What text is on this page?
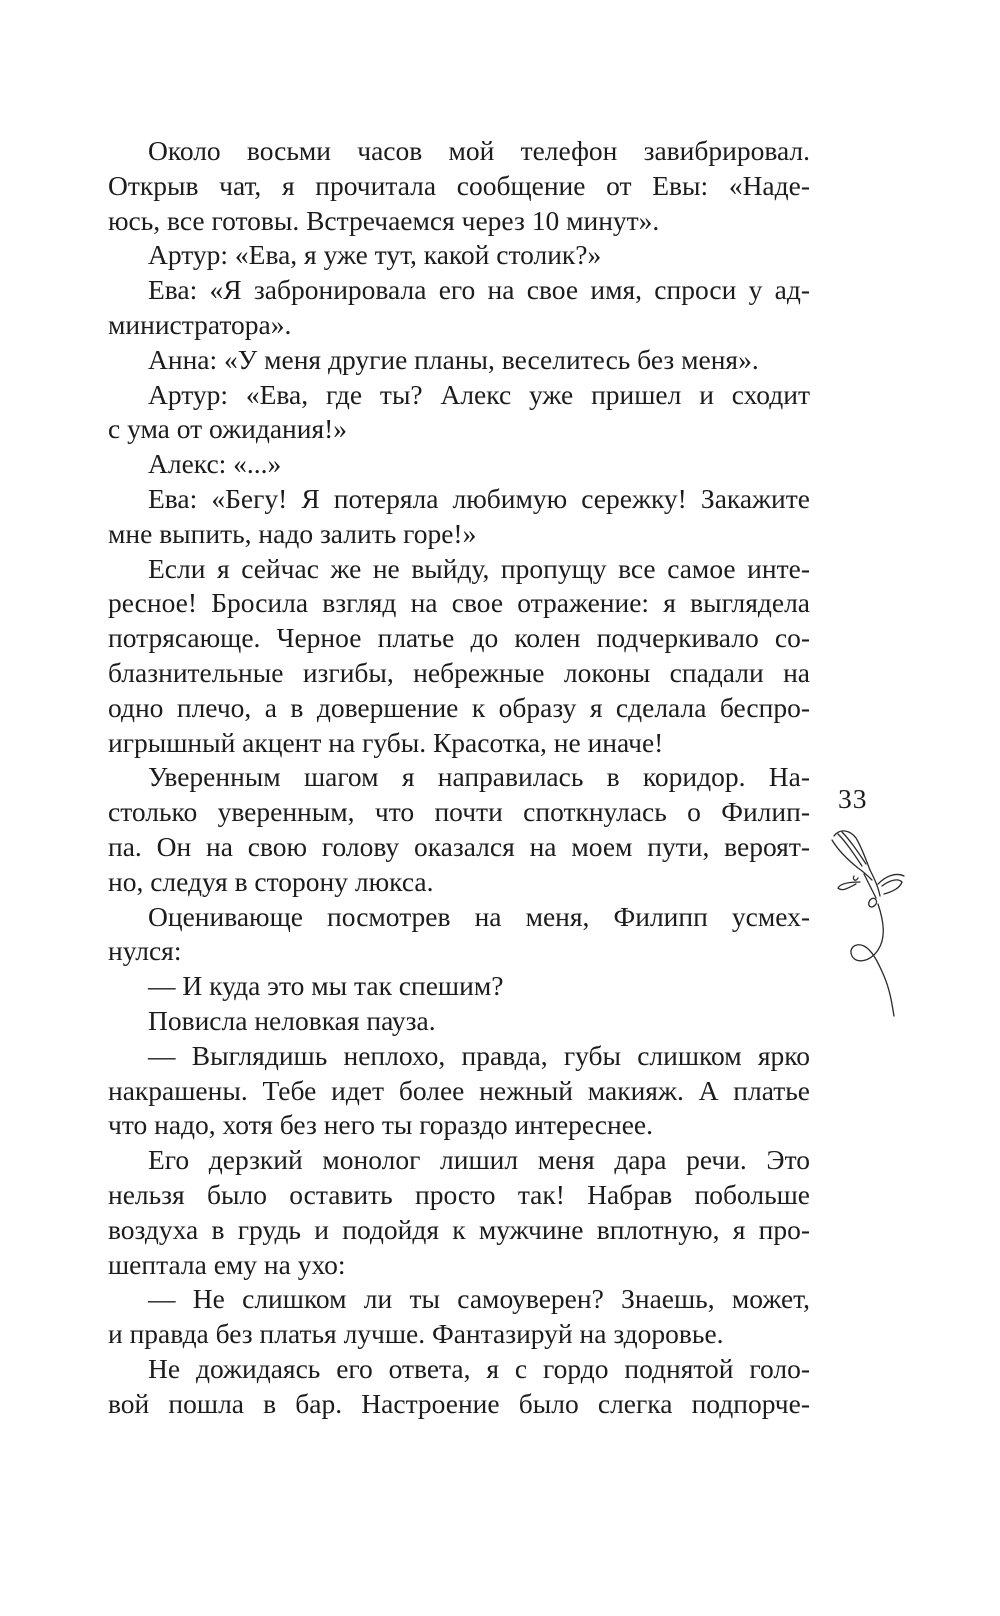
Около восьми часов мой телефон завибрировал.
Открыв чат, я прочитала сообщение от Евы: «Наде-
юсь, все готовы. Встречаемся через 10 минут».
Артур: «Ева, я уже тут, какой столик?»
Ева: «Я забронировала его на свое имя, спроси у ад-
министратора».
Анна: «У меня другие планы, веселитесь без меня».
Артур: «Ева, где ты? Алекс уже пришел и сходит
с ума от ожидания!»
Алекс: «...»
Ева: «Бегу! Я потеряла любимую сережку! Закажите
мне выпить, надо залить горе!»
Если я сейчас же не выйду, пропущу все самое инте-
ресное! Бросила взгляд на свое отражение: я выглядела
потрясающе. Черное платье до колен подчеркивало со-
блазнительные изгибы, небрежные локоны спадали на
одно плечо, а в довершение к образу я сделала беспро-
игрышный акцент на губы. Красотка, не иначе!
Уверенным шагом я направилась в коридор. На-
столько уверенным, что почти споткнулась о Филип-
па. Он на свою голову оказался на моем пути, вероят-
но, следуя в сторону люкса.
Оценивающе посмотрев на меня, Филипп усмех-
нулся:
— И куда это мы так спешим?
Повисла неловкая пауза.
— Выглядишь неплохо, правда, губы слишком ярко
накрашены. Тебе идет более нежный макияж. А платье
что надо, хотя без него ты гораздо интереснее.
Его дерзкий монолог лишил меня дара речи. Это
нельзя было оставить просто так! Набрав побольше
воздуха в грудь и подойдя к мужчине вплотную, я про-
шептала ему на ухо:
— Не слишком ли ты самоуверен? Знаешь, может,
и правда без платья лучше. Фантазируй на здоровье.
Не дожидаясь его ответа, я с гордо поднятой голо-
вой пошла в бар. Настроение было слегка подпорче-
33
